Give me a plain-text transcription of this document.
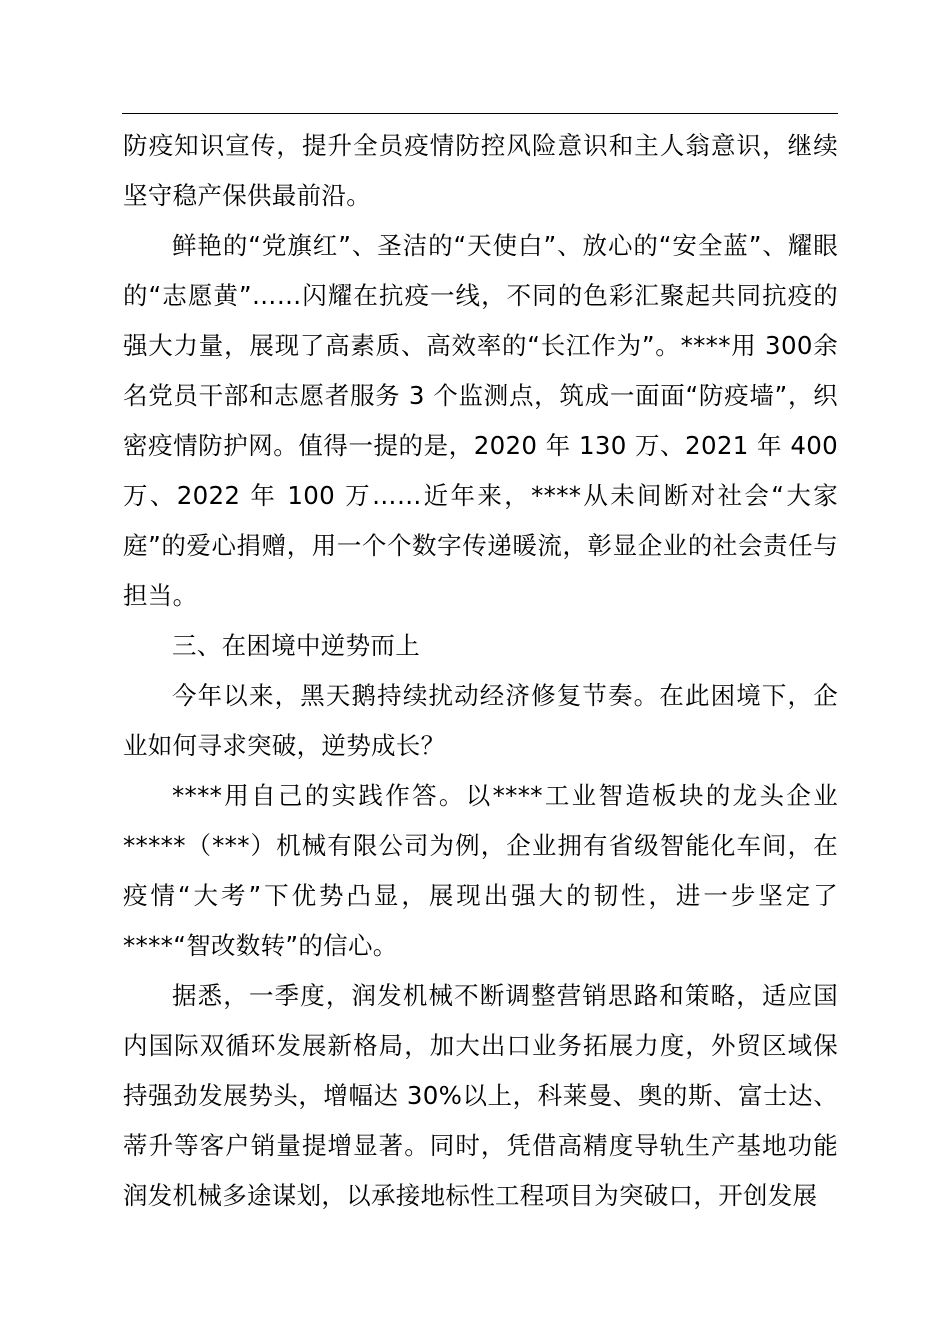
防疫知识宣传，提升全员疫情防控风险意识和主人翁意识，继续坚守稳产保供最前沿。

鲜艳的“党旗红”、圣洁的“天使白”、放心的“安全蓝”、耀眼的“志愿黄”……闪耀在抗疫一线，不同的色彩汇聚起共同抗疫的强大力量，展现了高素质、高效率的“长江作为”。****用 300余名党员干部和志愿者服务 3 个监测点，筑成一面面“防疫墙”，织密疫情防护网。值得一提的是，2020 年 130 万、2021 年 400万、2022 年 100 万……近年来，****从未间断对社会“大家庭”的爱心捐赠，用一个个数字传递暖流，彰显企业的社会责任与担当。

三、在困境中逆势而上

今年以来，黑天鹅持续扰动经济修复节奏。在此困境下，企业如何寻求突破，逆势成长？

****用自己的实践作答。以****工业智造板块的龙头企业*****（***）机械有限公司为例，企业拥有省级智能化车间，在疫情“大考”下优势凸显，展现出强大的韧性，进一步坚定了****“智改数转”的信心。

据悉，一季度，润发机械不断调整营销思路和策略，适应国内国际双循环发展新格局，加大出口业务拓展力度，外贸区域保持强劲发展势头，增幅达 30%以上，科莱曼、奥的斯、富士达、蒂升等客户销量提增显著。同时，凭借高精度导轨生产基地功能润发机械多途谋划，以承接地标性工程项目为突破口，开创发展
